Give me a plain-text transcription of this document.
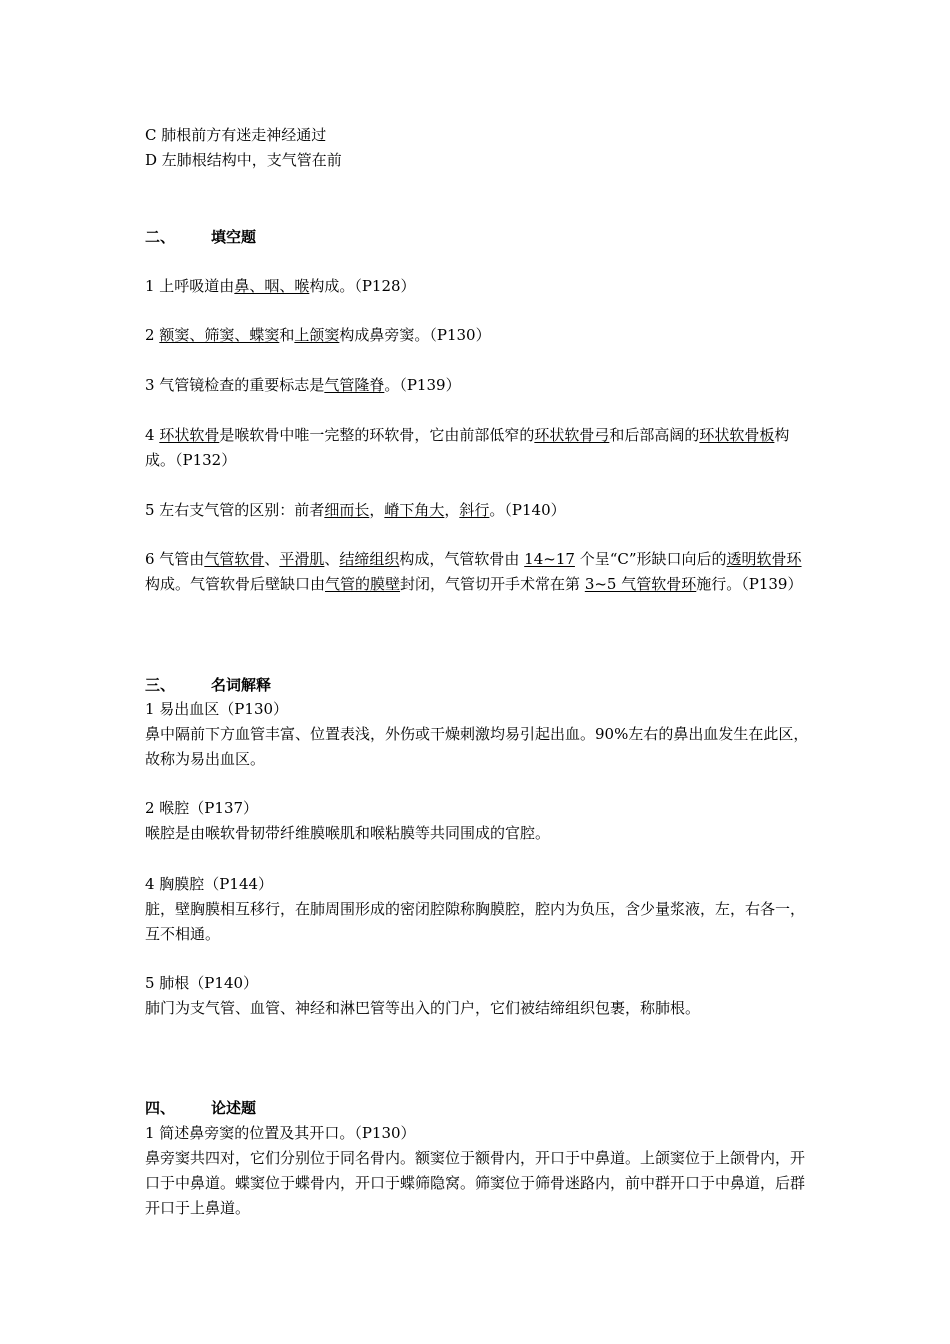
C 肺根前方有迷走神经通过
D 左肺根结构中，支气管在前
二、 填空题
1 上呼吸道由鼻、咽、喉构成。（P128）
2 额窦、筛窦、蝶窦和上颌窦构成鼻旁窦。（P130）
3 气管镜检查的重要标志是气管隆脊。（P139）
4 环状软骨是喉软骨中唯一完整的环软骨，它由前部低窄的环状软骨弓和后部高阔的环状软骨板构成。（P132）
5 左右支气管的区别：前者细而长，嵴下角大，斜行。（P140）
6 气管由气管软骨、平滑肌、结缔组织构成，气管软骨由 14~17 个呈“C”形缺口向后的透明软骨环构成。气管软骨后壁缺口由气管的膜壁封闭，气管切开手术常在第 3~5 气管软骨环施行。（P139）
三、 名词解释

1 易出血区（P130）

鼻中隔前下方血管丰富、位置表浅，外伤或干燥刺激均易引起出血。90%左右的鼻出血发生在此区，故称为易出血区。

2 喉腔（P137）

喉腔是由喉软骨韧带纤维膜喉肌和喉粘膜等共同围成的官腔。

4 胸膜腔（P144）

脏，壁胸膜相互移行，在肺周围形成的密闭腔隙称胸膜腔，腔内为负压，含少量浆液，左，右各一， 互不相通。

5 肺根（P140）

肺门为支气管、血管、神经和淋巴管等出入的门户，它们被结缔组织包裹，称肺根。

四、 论述题

1 简述鼻旁窦的位置及其开口。（P130）

鼻旁窦共四对，它们分别位于同名骨内。额窦位于额骨内，开口于中鼻道。上颌窦位于上颌骨内，开口于中鼻道。蝶窦位于蝶骨内，开口于蝶筛隐窝。筛窦位于筛骨迷路内，前中群开口于中鼻道，后群开口于上鼻道。
